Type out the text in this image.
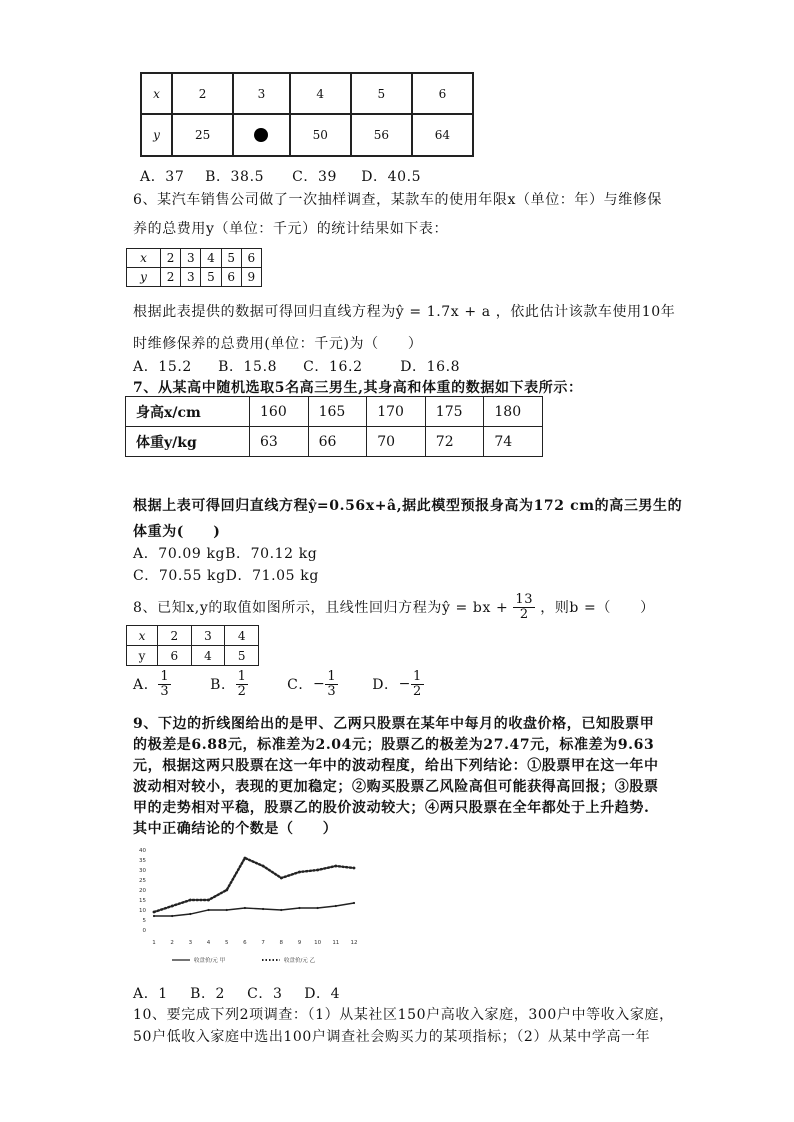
x	2	3	4	5	6
y	25		50	56	64
A．37 B．38.5 C．39 D．40.5
6、某汽车销售公司做了一次抽样调查，某款车的使用年限x（单位：年）与维修保
养的总费用y（单位：千元）的统计结果如下表：
x	2	3	4	5	6
y	2	3	5	6	9
根据此表提供的数据可得回归直线方程为ŷ = 1.7x + a ，依此估计该款车使用10年
时维修保养的总费用(单位：千元)为（　　）
A．15.2 B．15.8 C．16.2	D．16.8
7、从某高中随机选取5名高三男生,其身高和体重的数据如下表所示：
身高x/cm	160	165	170	175	180
体重y/kg	63	66	70	72	74
根据上表可得回归直线方程ŷ=0.56x+â,据此模型预报身高为172 cm的高三男生的
体重为(　　)
A．70.09 kgB．70.12 kg
C．70.55 kgD．71.05 kg
8、已知x,y的取值如图所示，且线性回归方程为ŷ = bx + $\frac{13}{2}$ ，则b =（　　）
x	2	3	4
y	6	4	5
A． $\frac{1}{3}$	B． $\frac{1}{2}$	C．− $\frac{1}{3}$ D．− $\frac{1}{2}$
9、下边的折线图给出的是甲、乙两只股票在某年中每月的收盘价格，已知股票甲
的极差是6.88元，标准差为2.04元；股票乙的极差为27.47元，标准差为9.63
元，根据这两只股票在这一年中的波动程度，给出下列结论：①股票甲在这一年中
波动相对较小，表现的更加稳定；②购买股票乙风险高但可能获得高回报；③股票
甲的走势相对平稳，股票乙的股价波动较大；④两只股票在全年都处于上升趋势.
其中正确结论的个数是（　　）
0
5
10
15
20
25
30
35
40
1	2	3	4	5	6	7	8	9 10 11 12
收盘价/元 甲	收盘价/元 乙
A．1 B．2 C．3 D．4
10、要完成下列2项调查：（1）从某社区150户高收入家庭，300户中等收入家庭，
50户低收入家庭中选出100户调查社会购买力的某项指标；（2）从某中学高一年
